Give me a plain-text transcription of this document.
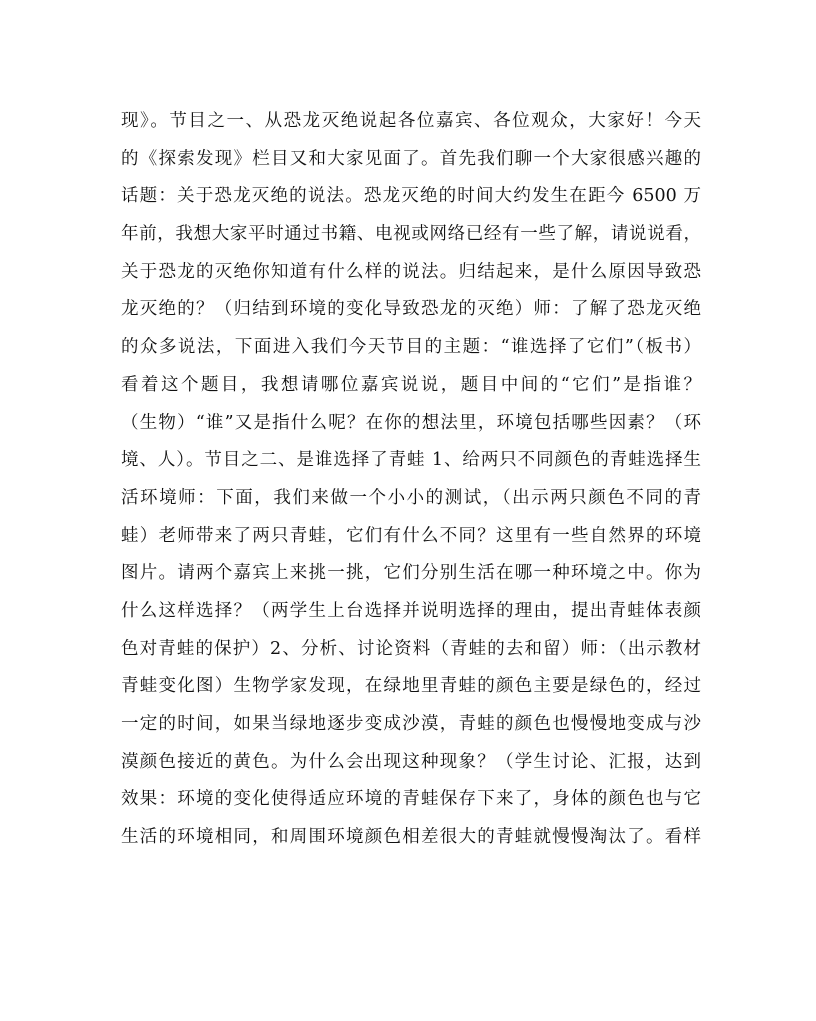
现》。节目之一、从恐龙灭绝说起各位嘉宾、各位观众，大家好！今天
的《探索发现》栏目又和大家见面了。首先我们聊一个大家很感兴趣的
话题：关于恐龙灭绝的说法。恐龙灭绝的时间大约发生在距今 6500 万
年前，我想大家平时通过书籍、电视或网络已经有一些了解，请说说看，
关于恐龙的灭绝你知道有什么样的说法。归结起来，是什么原因导致恐
龙灭绝的？（归结到环境的变化导致恐龙的灭绝）师：了解了恐龙灭绝
的众多说法，下面进入我们今天节目的主题：“谁选择了它们”（板书）
看着这个题目，我想请哪位嘉宾说说，题目中间的“它们”是指谁？
（生物）“谁”又是指什么呢？在你的想法里，环境包括哪些因素？（环
境、人）。节目之二、是谁选择了青蛙 1、给两只不同颜色的青蛙选择生
活环境师：下面，我们来做一个小小的测试，（出示两只颜色不同的青
蛙）老师带来了两只青蛙，它们有什么不同？这里有一些自然界的环境
图片。请两个嘉宾上来挑一挑，它们分别生活在哪一种环境之中。你为
什么这样选择？（两学生上台选择并说明选择的理由，提出青蛙体表颜
色对青蛙的保护）2、分析、讨论资料（青蛙的去和留）师：（出示教材
青蛙变化图）生物学家发现，在绿地里青蛙的颜色主要是绿色的，经过
一定的时间，如果当绿地逐步变成沙漠，青蛙的颜色也慢慢地变成与沙
漠颜色接近的黄色。为什么会出现这种现象？（学生讨论、汇报，达到
效果：环境的变化使得适应环境的青蛙保存下来了，身体的颜色也与它
生活的环境相同，和周围环境颜色相差很大的青蛙就慢慢淘汰了。看样
